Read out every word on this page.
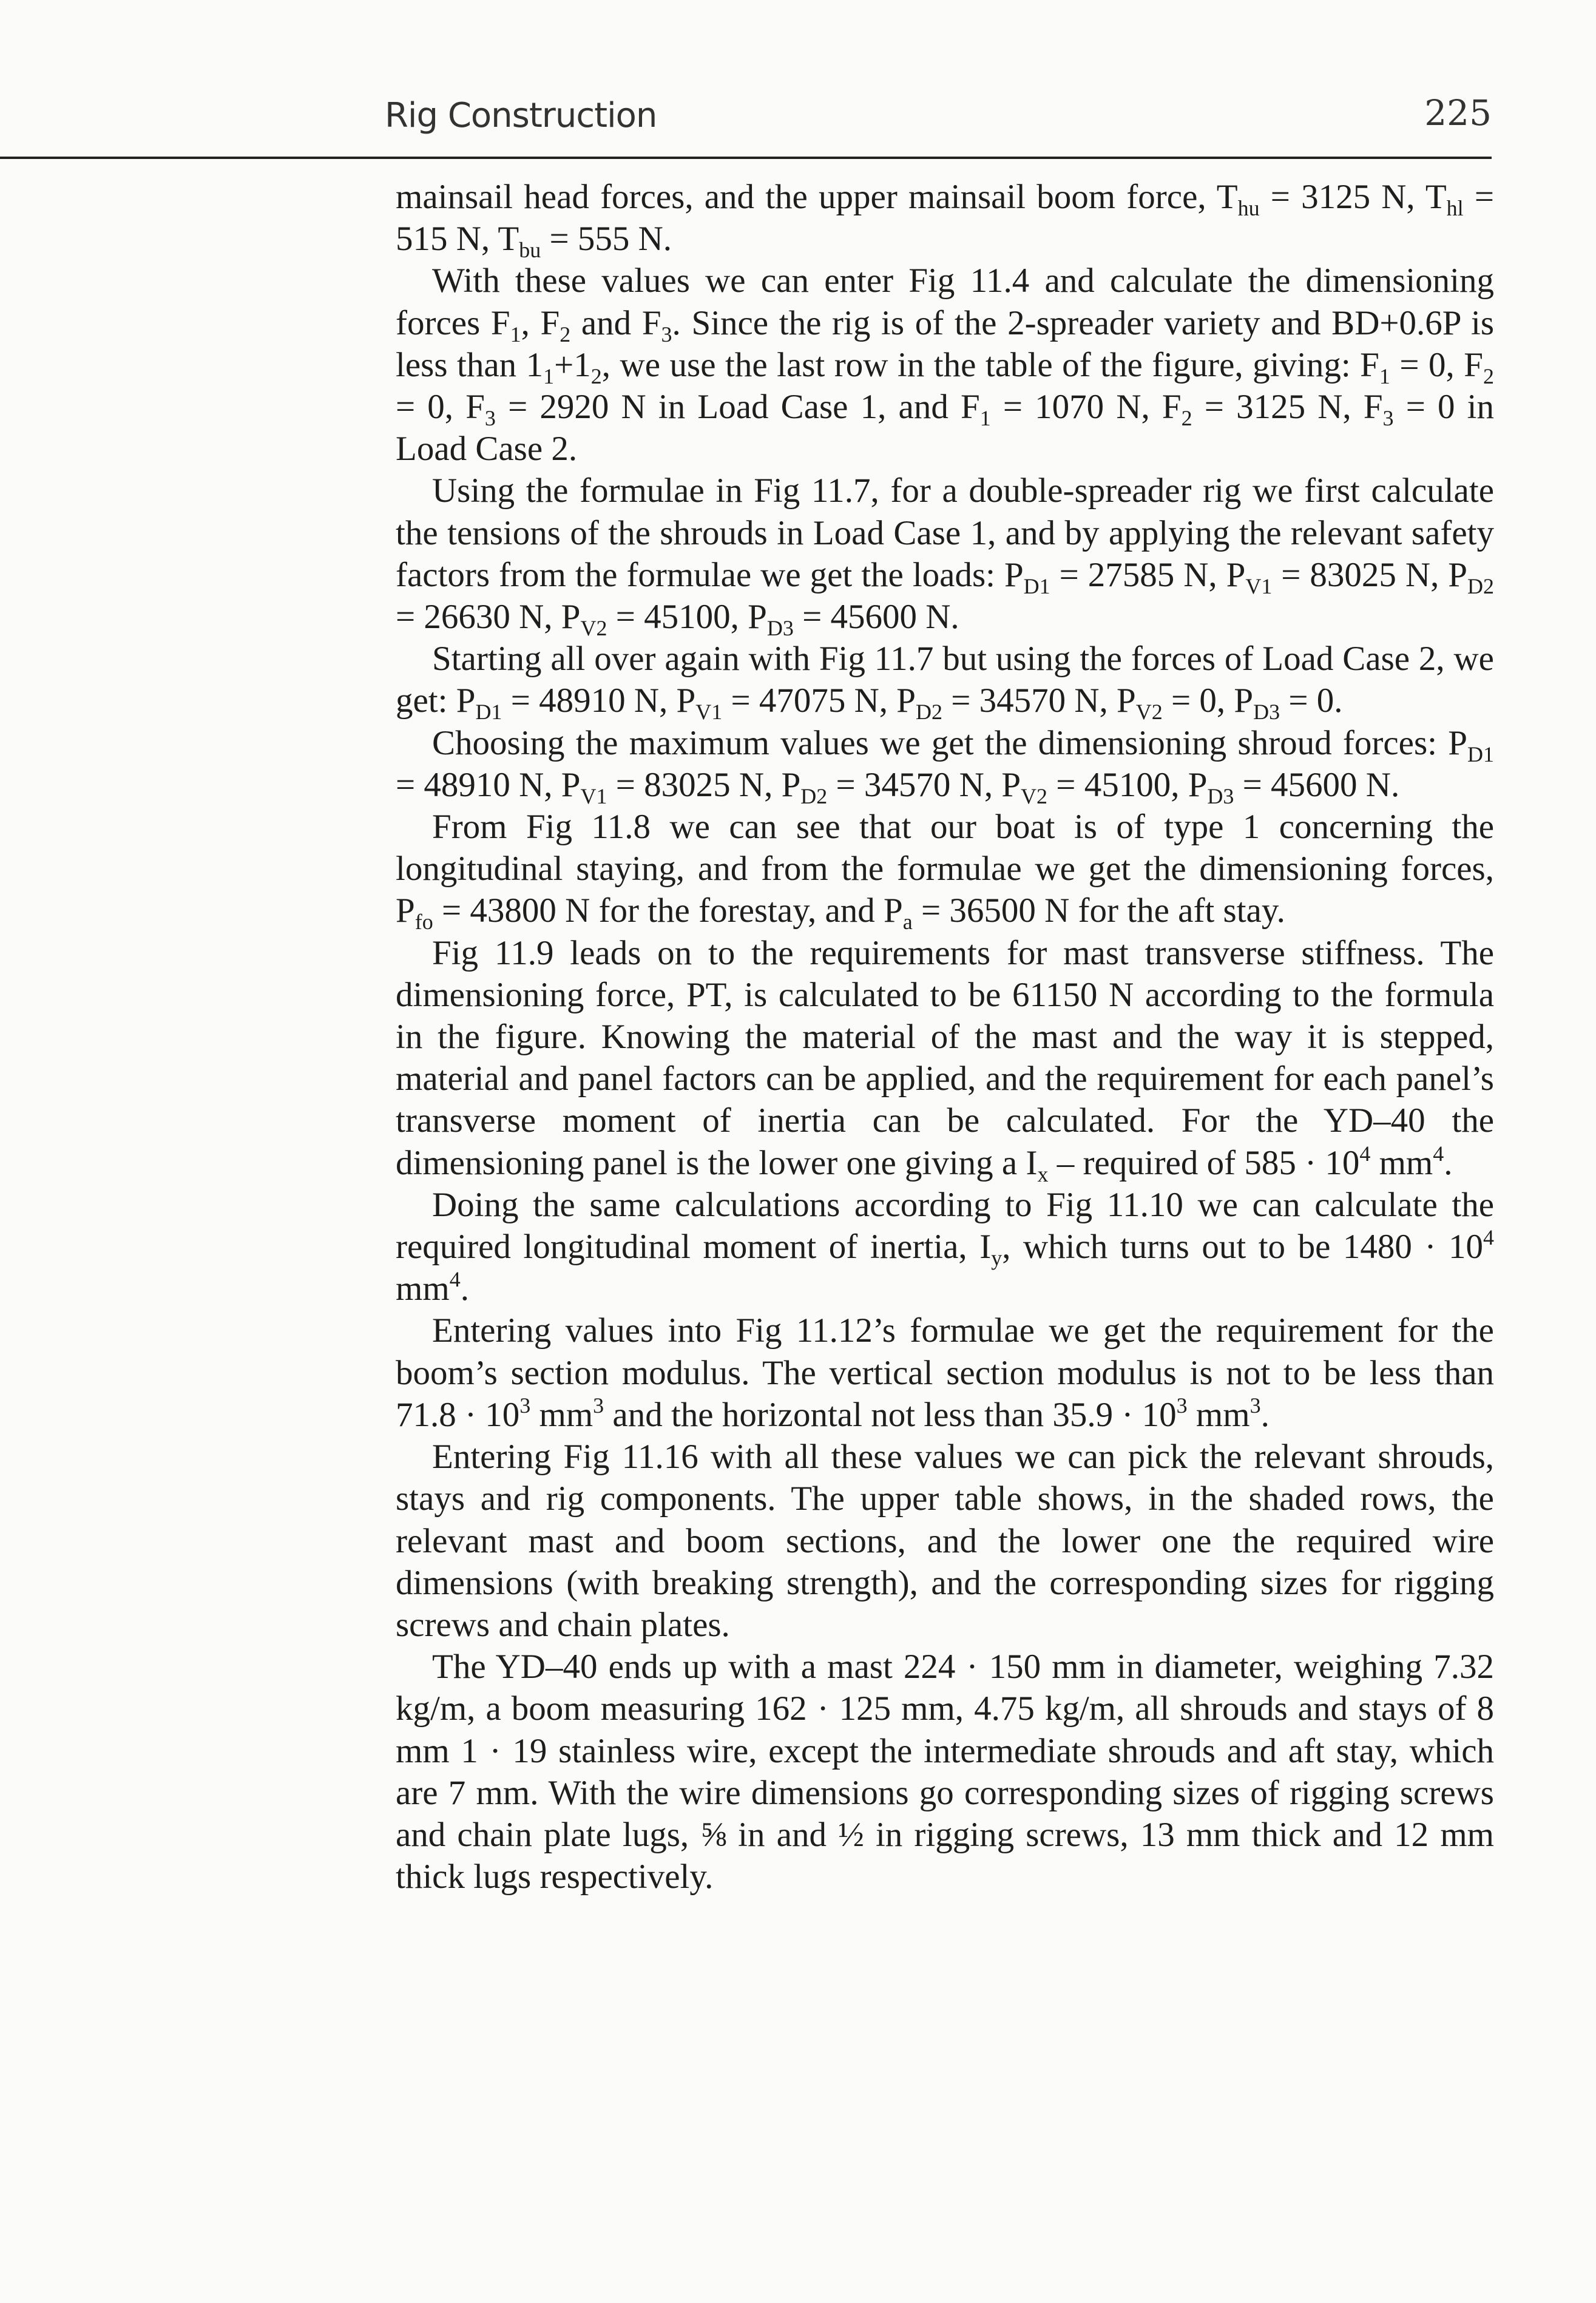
Rig Construction	225

mainsail head forces, and the upper mainsail boom force, $T_{hu} = 3125$ N, $T_{hl} = 515$ N, $T_{bu} = 555$ N.

With these values we can enter Fig 11.4 and calculate the dimensioning forces $F_1$, $F_2$ and $F_3$. Since the rig is of the 2-spreader variety and BD+0.6P is less than $1_1+1_2$, we use the last row in the table of the figure, giving: $F_1 = 0$, $F_2 = 0$, $F_3 = 2920$ N in Load Case 1, and $F_1 = 1070$ N, $F_2 = 3125$ N, $F_3 = 0$ in Load Case 2.

Using the formulae in Fig 11.7, for a double-spreader rig we first calculate the tensions of the shrouds in Load Case 1, and by applying the relevant safety factors from the formulae we get the loads: $P_{D1} = 27585$ N, $P_{V1} = 83025$ N, $P_{D2} = 26630$ N, $P_{V2} = 45100$, $P_{D3} = 45600$ N.

Starting all over again with Fig 11.7 but using the forces of Load Case 2, we get: $P_{D1} = 48910$ N, $P_{V1} = 47075$ N, $P_{D2} = 34570$ N, $P_{V2} = 0$, $P_{D3} = 0$.

Choosing the maximum values we get the dimensioning shroud forces: $P_{D1} = 48910$ N, $P_{V1} = 83025$ N, $P_{D2} = 34570$ N, $P_{V2} = 45100$, $P_{D3} = 45600$ N.

From Fig 11.8 we can see that our boat is of type 1 concerning the longitudinal staying, and from the formulae we get the dimensioning forces, $P_{fo} = 43800$ N for the forestay, and $P_a = 36500$ N for the aft stay.

Fig 11.9 leads on to the requirements for mast transverse stiffness. The dimensioning force, PT, is calculated to be 61150 N according to the formula in the figure. Knowing the material of the mast and the way it is stepped, material and panel factors can be applied, and the requirement for each panel’s transverse moment of inertia can be calculated. For the YD–40 the dimensioning panel is the lower one giving a $I_x$ – required of $585 \cdot 10^4$ $mm^4$.

Doing the same calculations according to Fig 11.10 we can calculate the required longitudinal moment of inertia, $I_y$, which turns out to be $1480 \cdot 10^4$ $mm^4$.

Entering values into Fig 11.12’s formulae we get the requirement for the boom’s section modulus. The vertical section modulus is not to be less than $71.8 \cdot 10^3$ $mm^3$ and the horizontal not less than $35.9 \cdot 10^3$ $mm^3$.

Entering Fig 11.16 with all these values we can pick the relevant shrouds, stays and rig components. The upper table shows, in the shaded rows, the relevant mast and boom sections, and the lower one the required wire dimensions (with breaking strength), and the corresponding sizes for rigging screws and chain plates.

The YD–40 ends up with a mast 224 · 150 mm in diameter, weighing 7.32 kg/m, a boom measuring 162 · 125 mm, 4.75 kg/m, all shrouds and stays of 8 mm 1 · 19 stainless wire, except the intermediate shrouds and aft stay, which are 7 mm. With the wire dimensions go corresponding sizes of rigging screws and chain plate lugs, ⅝ in and ½ in rigging screws, 13 mm thick and 12 mm thick lugs respectively.
